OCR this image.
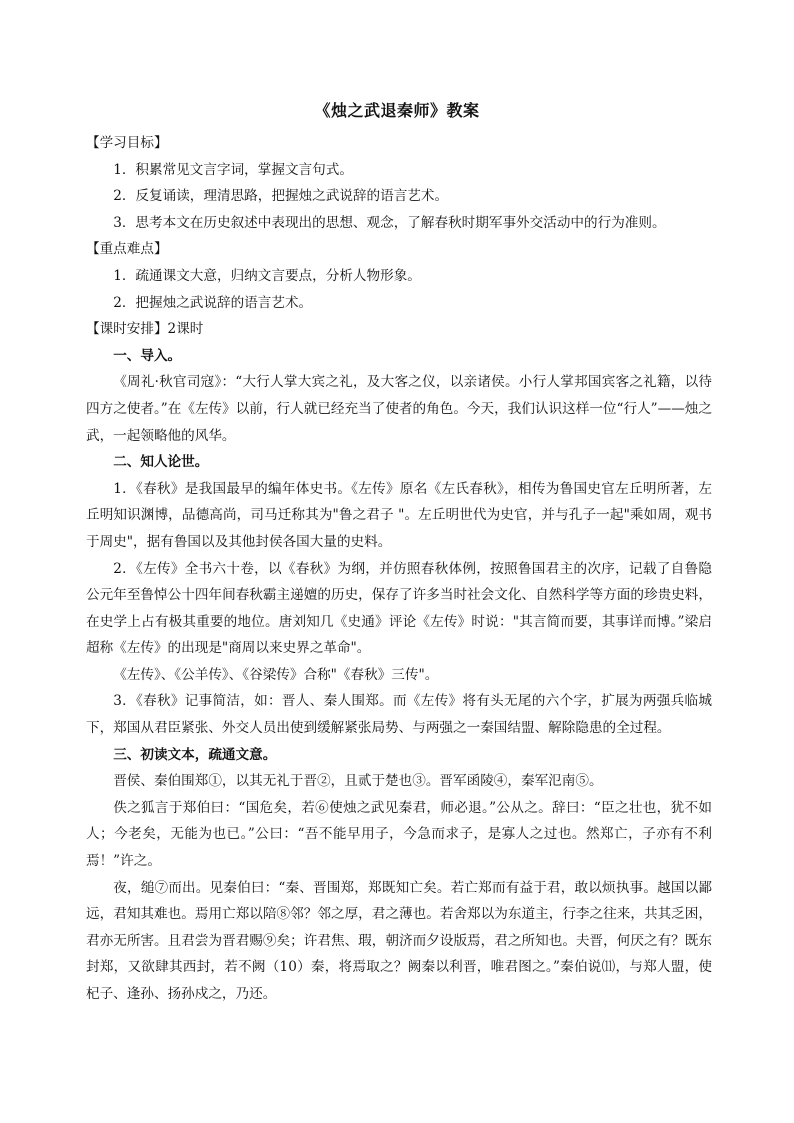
《烛之武退秦师》教案

【学习目标】

1．积累常见文言字词，掌握文言句式。

2．反复诵读，理清思路，把握烛之武说辞的语言艺术。

3．思考本文在历史叙述中表现出的思想、观念，了解春秋时期军事外交活动中的行为准则。

【重点难点】

1．疏通课文大意，归纳文言要点，分析人物形象。

2．把握烛之武说辞的语言艺术。

【课时安排】2课时

一、导入。

《周礼·秋官司寇》：“大行人掌大宾之礼，及大客之仪，以亲诸侯。小行人掌邦国宾客之礼籍，以待四方之使者。”在《左传》以前，行人就已经充当了使者的角色。今天，我们认识这样一位“行人”——烛之武，一起领略他的风华。

二、知人论世。

1．《春秋》是我国最早的编年体史书。《左传》原名《左氏春秋》，相传为鲁国史官左丘明所著，左丘明知识渊博，品德高尚，司马迁称其为"鲁之君子 "。左丘明世代为史官，并与孔子一起"乘如周，观书于周史"，据有鲁国以及其他封侯各国大量的史料。

2．《左传》全书六十卷，以《春秋》为纲，并仿照春秋体例，按照鲁国君主的次序，记载了自鲁隐公元年至鲁悼公十四年间春秋霸主递嬗的历史，保存了许多当时社会文化、自然科学等方面的珍贵史料，在史学上占有极其重要的地位。唐刘知几《史通》评论《左传》时说："其言简而要，其事详而博。”梁启超称《左传》的出现是"商周以来史界之革命"。

《左传》、《公羊传》、《谷梁传》合称"《春秋》三传"。

3．《春秋》记事简洁，如：晋人、秦人围郑。而《左传》将有头无尾的六个字，扩展为两强兵临城下，郑国从君臣紧张、外交人员出使到缓解紧张局势、与两强之一秦国结盟、解除隐患的全过程。

三、初读文本，疏通文意。

晋侯、秦伯围郑①，以其无礼于晋②，且贰于楚也③。晋军函陵④，秦军氾南⑤。

佚之狐言于郑伯曰：“国危矣，若⑥使烛之武见秦君，师必退。”公从之。辞曰：“臣之壮也，犹不如人；今老矣，无能为也已。”公曰：“吾不能早用子，今急而求子，是寡人之过也。然郑亡，子亦有不利焉！”许之。

夜，缒⑦而出。见秦伯曰：“秦、晋围郑，郑既知亡矣。若亡郑而有益于君，敢以烦执事。越国以鄙远，君知其难也。焉用亡郑以陪⑧邻？邻之厚，君之薄也。若舍郑以为东道主，行李之往来，共其乏困，君亦无所害。且君尝为晋君赐⑨矣；许君焦、瑕，朝济而夕设版焉，君之所知也。夫晋，何厌之有？既东封郑，又欲肆其西封，若不阙（10）秦，将焉取之？阙秦以利晋，唯君图之。”秦伯说⑾，与郑人盟，使杞子、逢孙、扬孙戍之，乃还。
